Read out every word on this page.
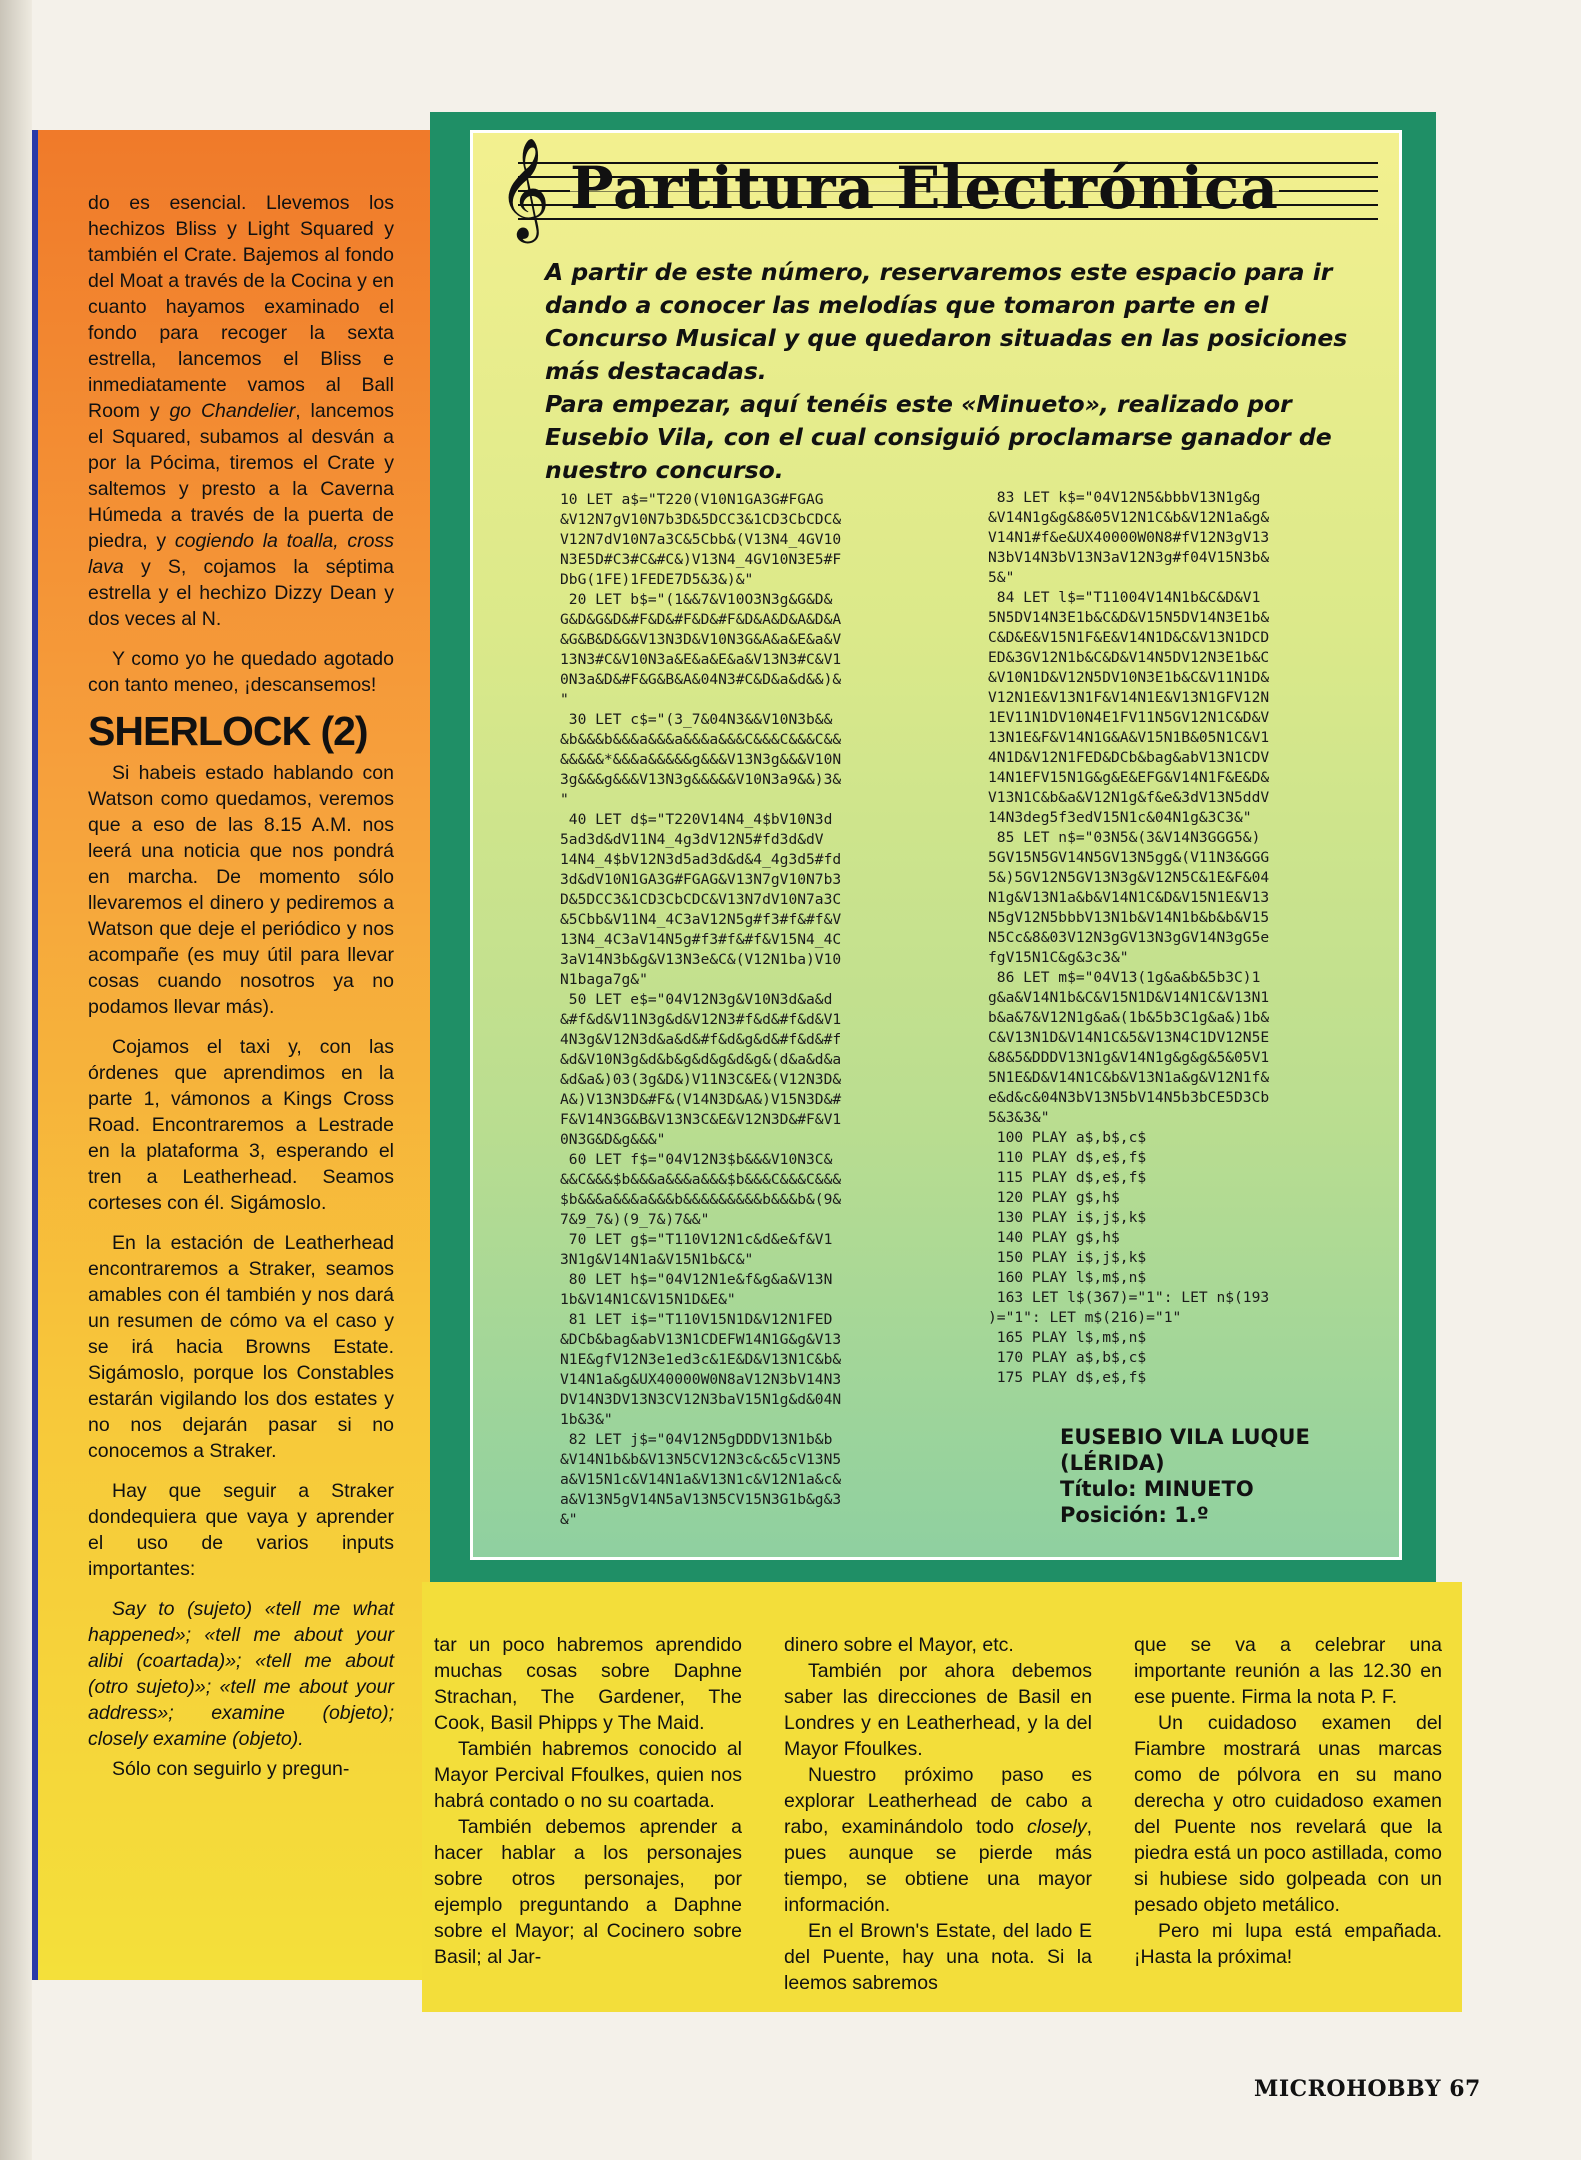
do es esencial. Llevemos los hechizos Bliss y Light Squared y también el Crate. Bajemos al fondo del Moat a través de la Cocina y en cuanto hayamos examinado el fondo para recoger la sexta estrella, lancemos el Bliss e inmediatamente vamos al Ball Room y go Chandelier, lancemos el Squared, subamos al desván a por la Pócima, tiremos el Crate y saltemos y presto a la Caverna Húmeda a través de la puerta de piedra, y cogiendo la toalla, cross lava y S, cojamos la séptima estrella y el hechizo Dizzy Dean y dos veces al N.

Y como yo he quedado agotado con tanto meneo, ¡descansemos!

SHERLOCK (2)

Si habeis estado hablando con Watson como quedamos, veremos que a eso de las 8.15 A.M. nos leerá una noticia que nos pondrá en marcha. De momento sólo llevaremos el dinero y pediremos a Watson que deje el periódico y nos acompañe (es muy útil para llevar cosas cuando nosotros ya no podamos llevar más).

Cojamos el taxi y, con las órdenes que aprendimos en la parte 1, vámonos a Kings Cross Road. Encontraremos a Lestrade en la plataforma 3, esperando el tren a Leatherhead. Seamos corteses con él. Sigámoslo.

En la estación de Leatherhead encontraremos a Straker, seamos amables con él también y nos dará un resumen de cómo va el caso y se irá hacia Browns Estate. Sigámoslo, porque los Constables estarán vigilando los dos estates y no nos dejarán pasar si no conocemos a Straker.

Hay que seguir a Straker dondequiera que vaya y aprender el uso de varios inputs importantes:

Say to (sujeto) «tell me what happened»; «tell me about your alibi (coartada)»; «tell me about (otro sujeto)»; «tell me about your address»; examine (objeto); closely examine (objeto).

Sólo con seguirlo y pregun-

𝄞 Partitura Electrónica

A partir de este número, reservaremos este espacio para ir dando a conocer las melodías que tomaron parte en el Concurso Musical y que quedaron situadas en las posiciones más destacadas.

Para empezar, aquí tenéis este «Minueto», realizado por Eusebio Vila, con el cual consiguió proclamarse ganador de nuestro concurso.

10 LET a$="T220(V10N1GA3G#FGAG
&V12N7gV10N7b3D&5DCC3&1CD3CbCDC&
V12N7dV10N7a3C&5Cbb&(V13N4_4GV10
N3E5D#C3#C&#C&)V13N4_4GV10N3E5#F
DbG(1FE)1FEDE7D5&3&)&"
20 LET b$="(1&&7&V10O3N3g&G&D&
G&D&G&D&#F&D&#F&D&#F&D&A&D&A&D&A
&G&B&D&G&V13N3D&V10N3G&A&a&E&a&V
13N3#C&V10N3a&E&a&E&a&V13N3#C&V1
0N3a&D&#F&G&B&A&04N3#C&D&a&d&&)&
"
30 LET c$="(3_7&04N3&&V10N3b&&
&b&&&b&&&a&&&a&&&a&&&C&&&C&&&C&&
&&&&&*&&&a&&&&&g&&&V13N3g&&&V10N
3g&&&g&&&V13N3g&&&&&V10N3a9&&)3&
"
40 LET d$="T220V14N4_4$bV10N3d
5ad3d&dV11N4_4g3dV12N5#fd3d&dV
14N4_4$bV12N3d5ad3d&d&4_4g3d5#fd
3d&dV10N1GA3G#FGAG&V13N7gV10N7b3
D&5DCC3&1CD3CbCDC&V13N7dV10N7a3C
&5Cbb&V11N4_4C3aV12N5g#f3#f&#f&V
13N4_4C3aV14N5g#f3#f&#f&V15N4_4C
3aV14N3b&g&V13N3e&C&(V12N1ba)V10
N1baga7g&"
50 LET e$="04V12N3g&V10N3d&a&d
&#f&d&V11N3g&d&V12N3#f&d&#f&d&V1
4N3g&V12N3d&a&d&#f&d&g&d&#f&d&#f
&d&V10N3g&d&b&g&d&g&d&g&(d&a&d&a
&d&a&)03(3g&D&)V11N3C&E&(V12N3D&
A&)V13N3D&#F&(V14N3D&A&)V15N3D&#
F&V14N3G&B&V13N3C&E&V12N3D&#F&V1
0N3G&D&g&&&"
60 LET f$="04V12N3$b&&&V10N3C&
&&C&&&$b&&&a&&&a&&&$b&&&C&&&C&&&
$b&&&a&&&a&&&b&&&&&&&&&b&&&b&(9&
7&9_7&)(9_7&)7&&"
70 LET g$="T110V12N1c&d&e&f&V1
3N1g&V14N1a&V15N1b&C&"
80 LET h$="04V12N1e&f&g&a&V13N
1b&V14N1C&V15N1D&E&"
81 LET i$="T110V15N1D&V12N1FED
&DCb&bag&abV13N1CDEFW14N1G&g&V13
N1E&gfV12N3e1ed3c&1E&D&V13N1C&b&
V14N1a&g&UX40000W0N8aV12N3bV14N3
DV14N3DV13N3CV12N3baV15N1g&d&04N
1b&3&"
82 LET j$="04V12N5gDDDV13N1b&b
&V14N1b&b&V13N5CV12N3c&c&5cV13N5
a&V15N1c&V14N1a&V13N1c&V12N1a&c&
a&V13N5gV14N5aV13N5CV15N3G1b&g&3
&"
83 LET k$="04V12N5&bbbV13N1g&g
&V14N1g&g&8&05V12N1C&b&V12N1a&g&
V14N1#f&e&UX40000W0N8#fV12N3gV13
N3bV14N3bV13N3aV12N3g#f04V15N3b&
5&"
84 LET l$="T11004V14N1b&C&D&V1
5N5DV14N3E1b&C&D&V15N5DV14N3E1b&
C&D&E&V15N1F&E&V14N1D&C&V13N1DCD
ED&3GV12N1b&C&D&V14N5DV12N3E1b&C
&V10N1D&V12N5DV10N3E1b&C&V11N1D&
V12N1E&V13N1F&V14N1E&V13N1GFV12N
1EV11N1DV10N4E1FV11N5GV12N1C&D&V
13N1E&F&V14N1G&A&V15N1B&05N1C&V1
4N1D&V12N1FED&DCb&bag&abV13N1CDV
14N1EFV15N1G&g&E&EFG&V14N1F&E&D&
V13N1C&b&a&V12N1g&f&e&3dV13N5ddV
14N3deg5f3edV15N1c&04N1g&3C3&"
85 LET n$="03N5&(3&V14N3GGG5&)
5GV15N5GV14N5GV13N5gg&(V11N3&GGG
5&)5GV12N5GV13N3g&V12N5C&1E&F&04
N1g&V13N1a&b&V14N1C&D&V15N1E&V13
N5gV12N5bbbV13N1b&V14N1b&b&b&V15
N5Cc&8&03V12N3gGV13N3gGV14N3gG5e
fgV15N1C&g&3c3&"
86 LET m$="04V13(1g&a&b&5b3C)1
g&a&V14N1b&C&V15N1D&V14N1C&V13N1
b&a&7&V12N1g&a&(1b&5b3C1g&a&)1b&
C&V13N1D&V14N1C&5&V13N4C1DV12N5E
&8&5&DDDV13N1g&V14N1g&g&g&5&05V1
5N1E&D&V14N1C&b&V13N1a&g&V12N1f&
e&d&c&04N3bV13N5bV14N5b3bCE5D3Cb
5&3&3&"
100 PLAY a$,b$,c$
110 PLAY d$,e$,f$
115 PLAY d$,e$,f$
120 PLAY g$,h$
130 PLAY i$,j$,k$
140 PLAY g$,h$
150 PLAY i$,j$,k$
160 PLAY l$,m$,n$
163 LET l$(367)="1": LET n$(193
)="1": LET m$(216)="1"
165 PLAY l$,m$,n$
170 PLAY a$,b$,c$
175 PLAY d$,e$,f$
EUSEBIO VILA LUQUE
(LÉRIDA)
Título: MINUETO
Posición: 1.º

tar un poco habremos aprendido muchas cosas sobre Daphne Strachan, The Gardener, The Cook, Basil Phipps y The Maid.

También habremos conocido al Mayor Percival Ffoulkes, quien nos habrá contado o no su coartada.

También debemos aprender a hacer hablar a los personajes sobre otros personajes, por ejemplo preguntando a Daphne sobre el Mayor; al Cocinero sobre Basil; al Jar-

dinero sobre el Mayor, etc.

También por ahora debemos saber las direcciones de Basil en Londres y en Leatherhead, y la del Mayor Ffoulkes.

Nuestro próximo paso es explorar Leatherhead de cabo a rabo, examinándolo todo closely, pues aunque se pierde más tiempo, se obtiene una mayor información.

En el Brown's Estate, del lado E del Puente, hay una nota. Si la leemos sabremos

que se va a celebrar una importante reunión a las 12.30 en ese puente. Firma la nota P. F.

Un cuidadoso examen del Fiambre mostrará unas marcas como de pólvora en su mano derecha y otro cuidadoso examen del Puente nos revelará que la piedra está un poco astillada, como si hubiese sido golpeada con un pesado objeto metálico.

Pero mi lupa está empañada. ¡Hasta la próxima!

MICROHOBBY 67
